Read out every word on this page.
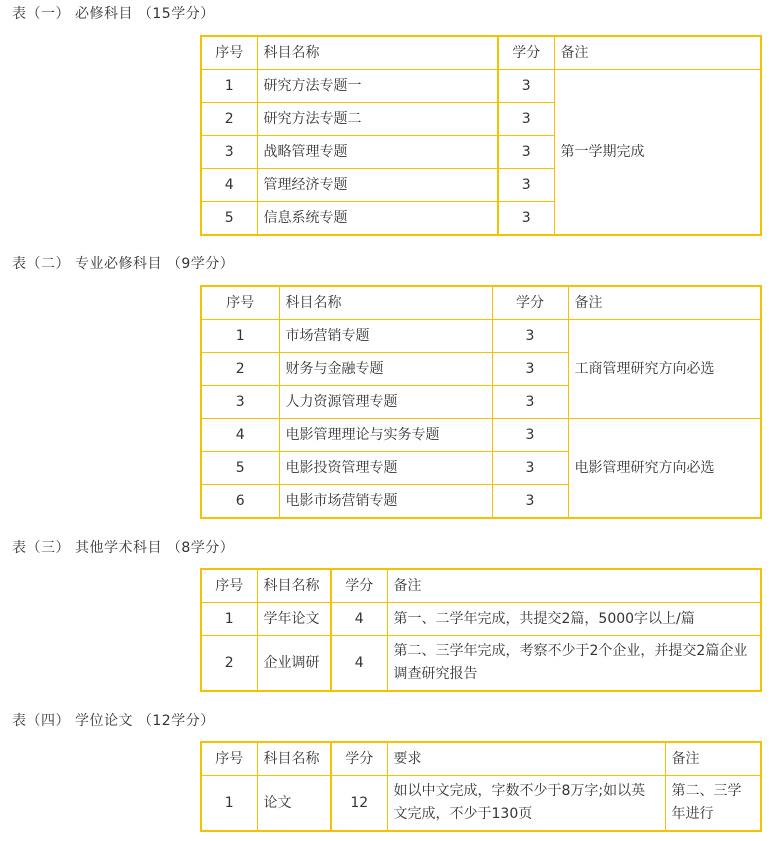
表（一） 必修科目 （15学分）
序号	科目名称	学分	备注
1	研究方法专题一	3	第一学期完成
2	研究方法专题二	3	
3	战略管理专题	3	
4	管理经济专题	3	
5	信息系统专题	3	
表（二） 专业必修科目 （9学分）
序号	科目名称	学分	备注
1	市场营销专题	3	工商管理研究方向必选
2	财务与金融专题	3	
3	人力资源管理专题	3	
4	电影管理理论与实务专题	3	电影管理研究方向必选
5	电影投资管理专题	3	
6	电影市场营销专题	3	
表（三） 其他学术科目 （8学分）
序号	科目名称	学分	备注
1	学年论文	4	第一、二学年完成，共提交2篇，5000字以上/篇
2	企业调研	4	第二、三学年完成，考察不少于2个企业，并提交2篇企业调查研究报告
表（四） 学位论文 （12学分）
序号	科目名称	学分	要求	备注
1	论文	12	如以中文完成，字数不少于8万字;如以英文完成，不少于130页	第二、三学年进行
